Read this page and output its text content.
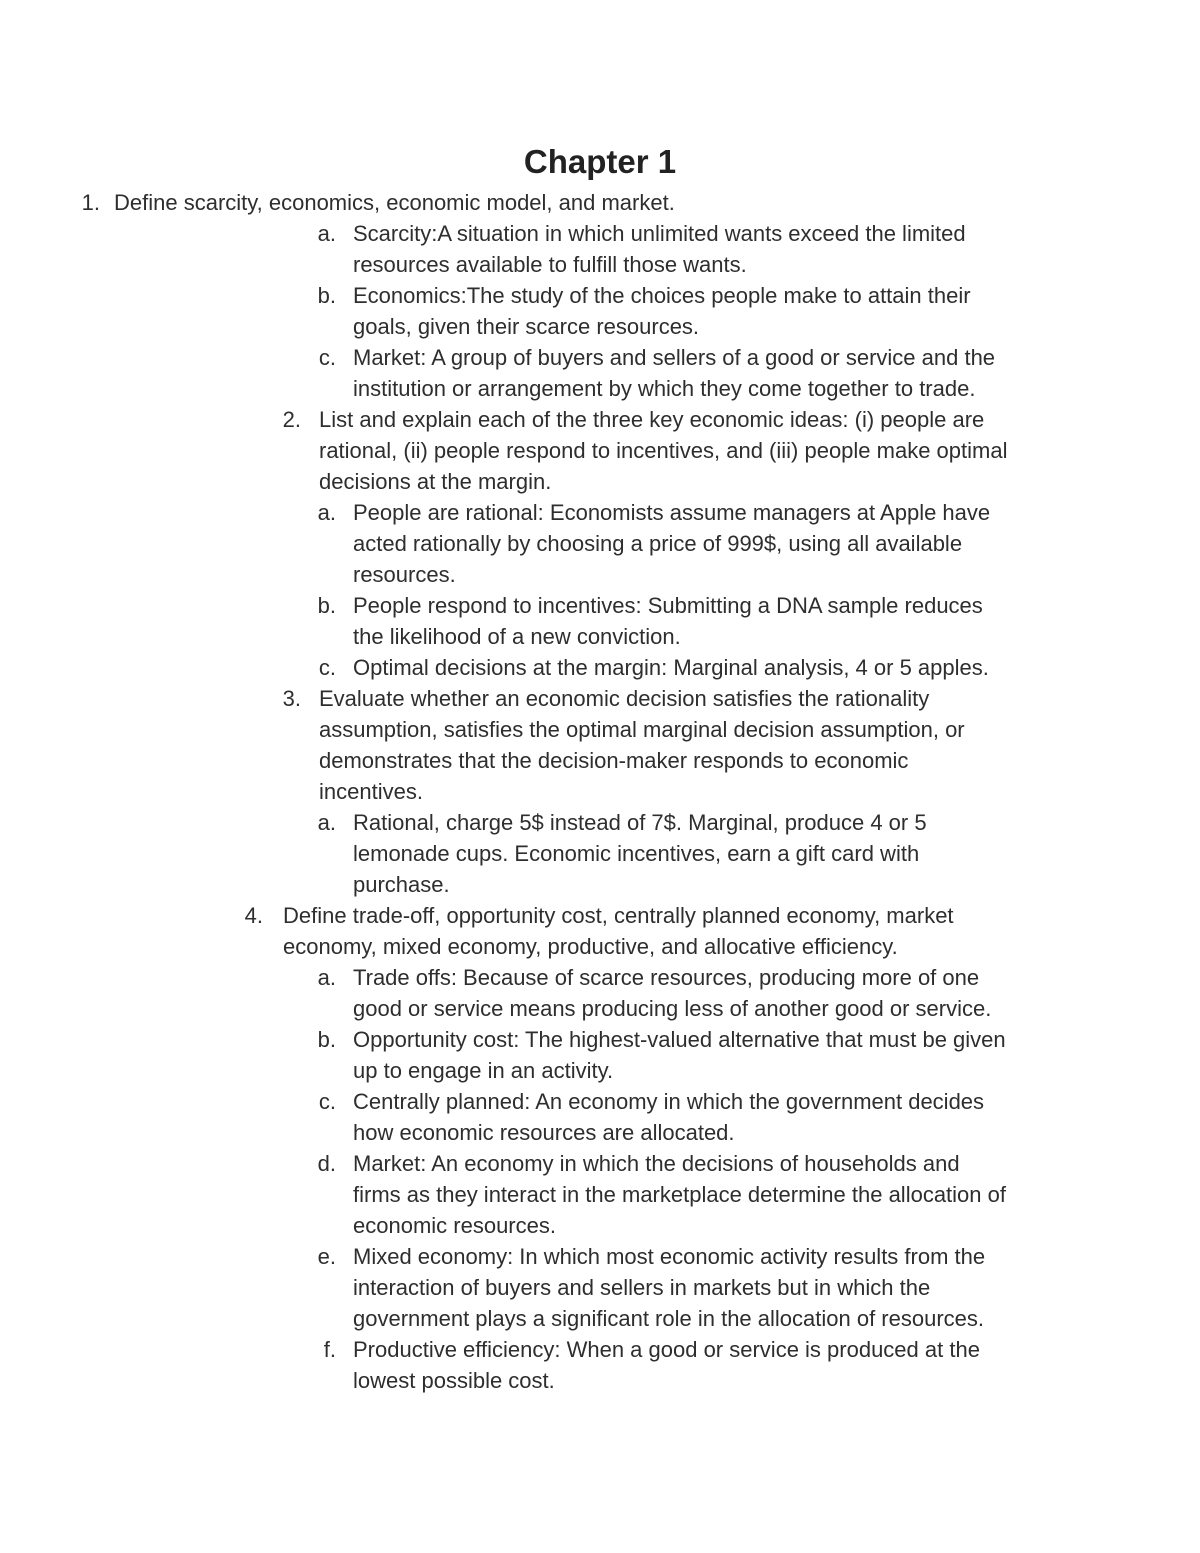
Chapter 1
1. Define scarcity, economics, economic model, and market.
a. Scarcity:A situation in which unlimited wants exceed the limited
resources available to fulfill those wants.
b. Economics:The study of the choices people make to attain their
goals, given their scarce resources.
c. Market: A group of buyers and sellers of a good or service and the
institution or arrangement by which they come together to trade.
2. List and explain each of the three key economic ideas: (i) people are
rational, (ii) people respond to incentives, and (iii) people make optimal
decisions at the margin.
a. People are rational: Economists assume managers at Apple have
acted rationally by choosing a price of 999$, using all available
resources.
b. People respond to incentives: Submitting a DNA sample reduces
the likelihood of a new conviction.
c. Optimal decisions at the margin: Marginal analysis, 4 or 5 apples.
3. Evaluate whether an economic decision satisfies the rationality
assumption, satisfies the optimal marginal decision assumption, or
demonstrates that the decision-maker responds to economic
incentives.
a. Rational, charge 5$ instead of 7$. Marginal, produce 4 or 5
lemonade cups. Economic incentives, earn a gift card with
purchase.
4. Define trade-off, opportunity cost, centrally planned economy, market
economy, mixed economy, productive, and allocative efficiency.
a. Trade offs: Because of scarce resources, producing more of one
good or service means producing less of another good or service.
b. Opportunity cost: The highest-valued alternative that must be given
up to engage in an activity.
c. Centrally planned: An economy in which the government decides
how economic resources are allocated.
d. Market: An economy in which the decisions of households and
firms as they interact in the marketplace determine the allocation of
economic resources.
e. Mixed economy: In which most economic activity results from the
interaction of buyers and sellers in markets but in which the
government plays a significant role in the allocation of resources.
f. Productive efficiency: When a good or service is produced at the
lowest possible cost.
